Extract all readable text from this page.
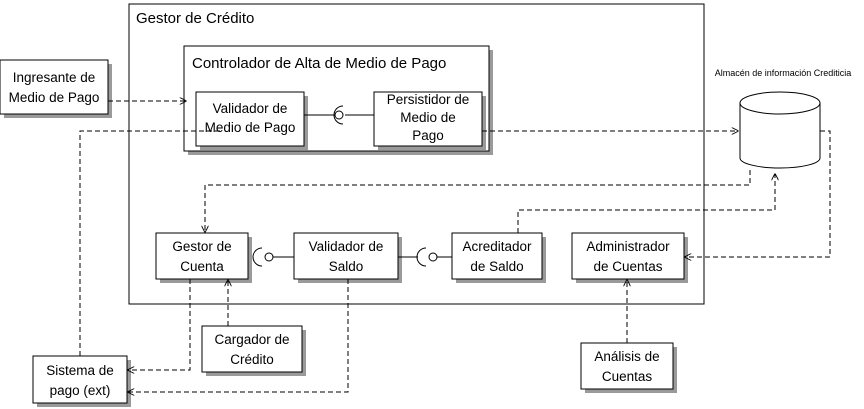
Gestor de Crédito
Controlador de Alta de Medio de Pago
Ingresante de
Medio de Pago
Validador de
Medio de Pago
Persistidor de
Medio de
Pago
Almacén de información Crediticia
Gestor de
Cuenta
Validador de
Saldo
Acreditador
de Saldo
Administrador
de Cuentas
Cargador de
Crédito
Sistema de
pago (ext)
Análisis de
Cuentas
